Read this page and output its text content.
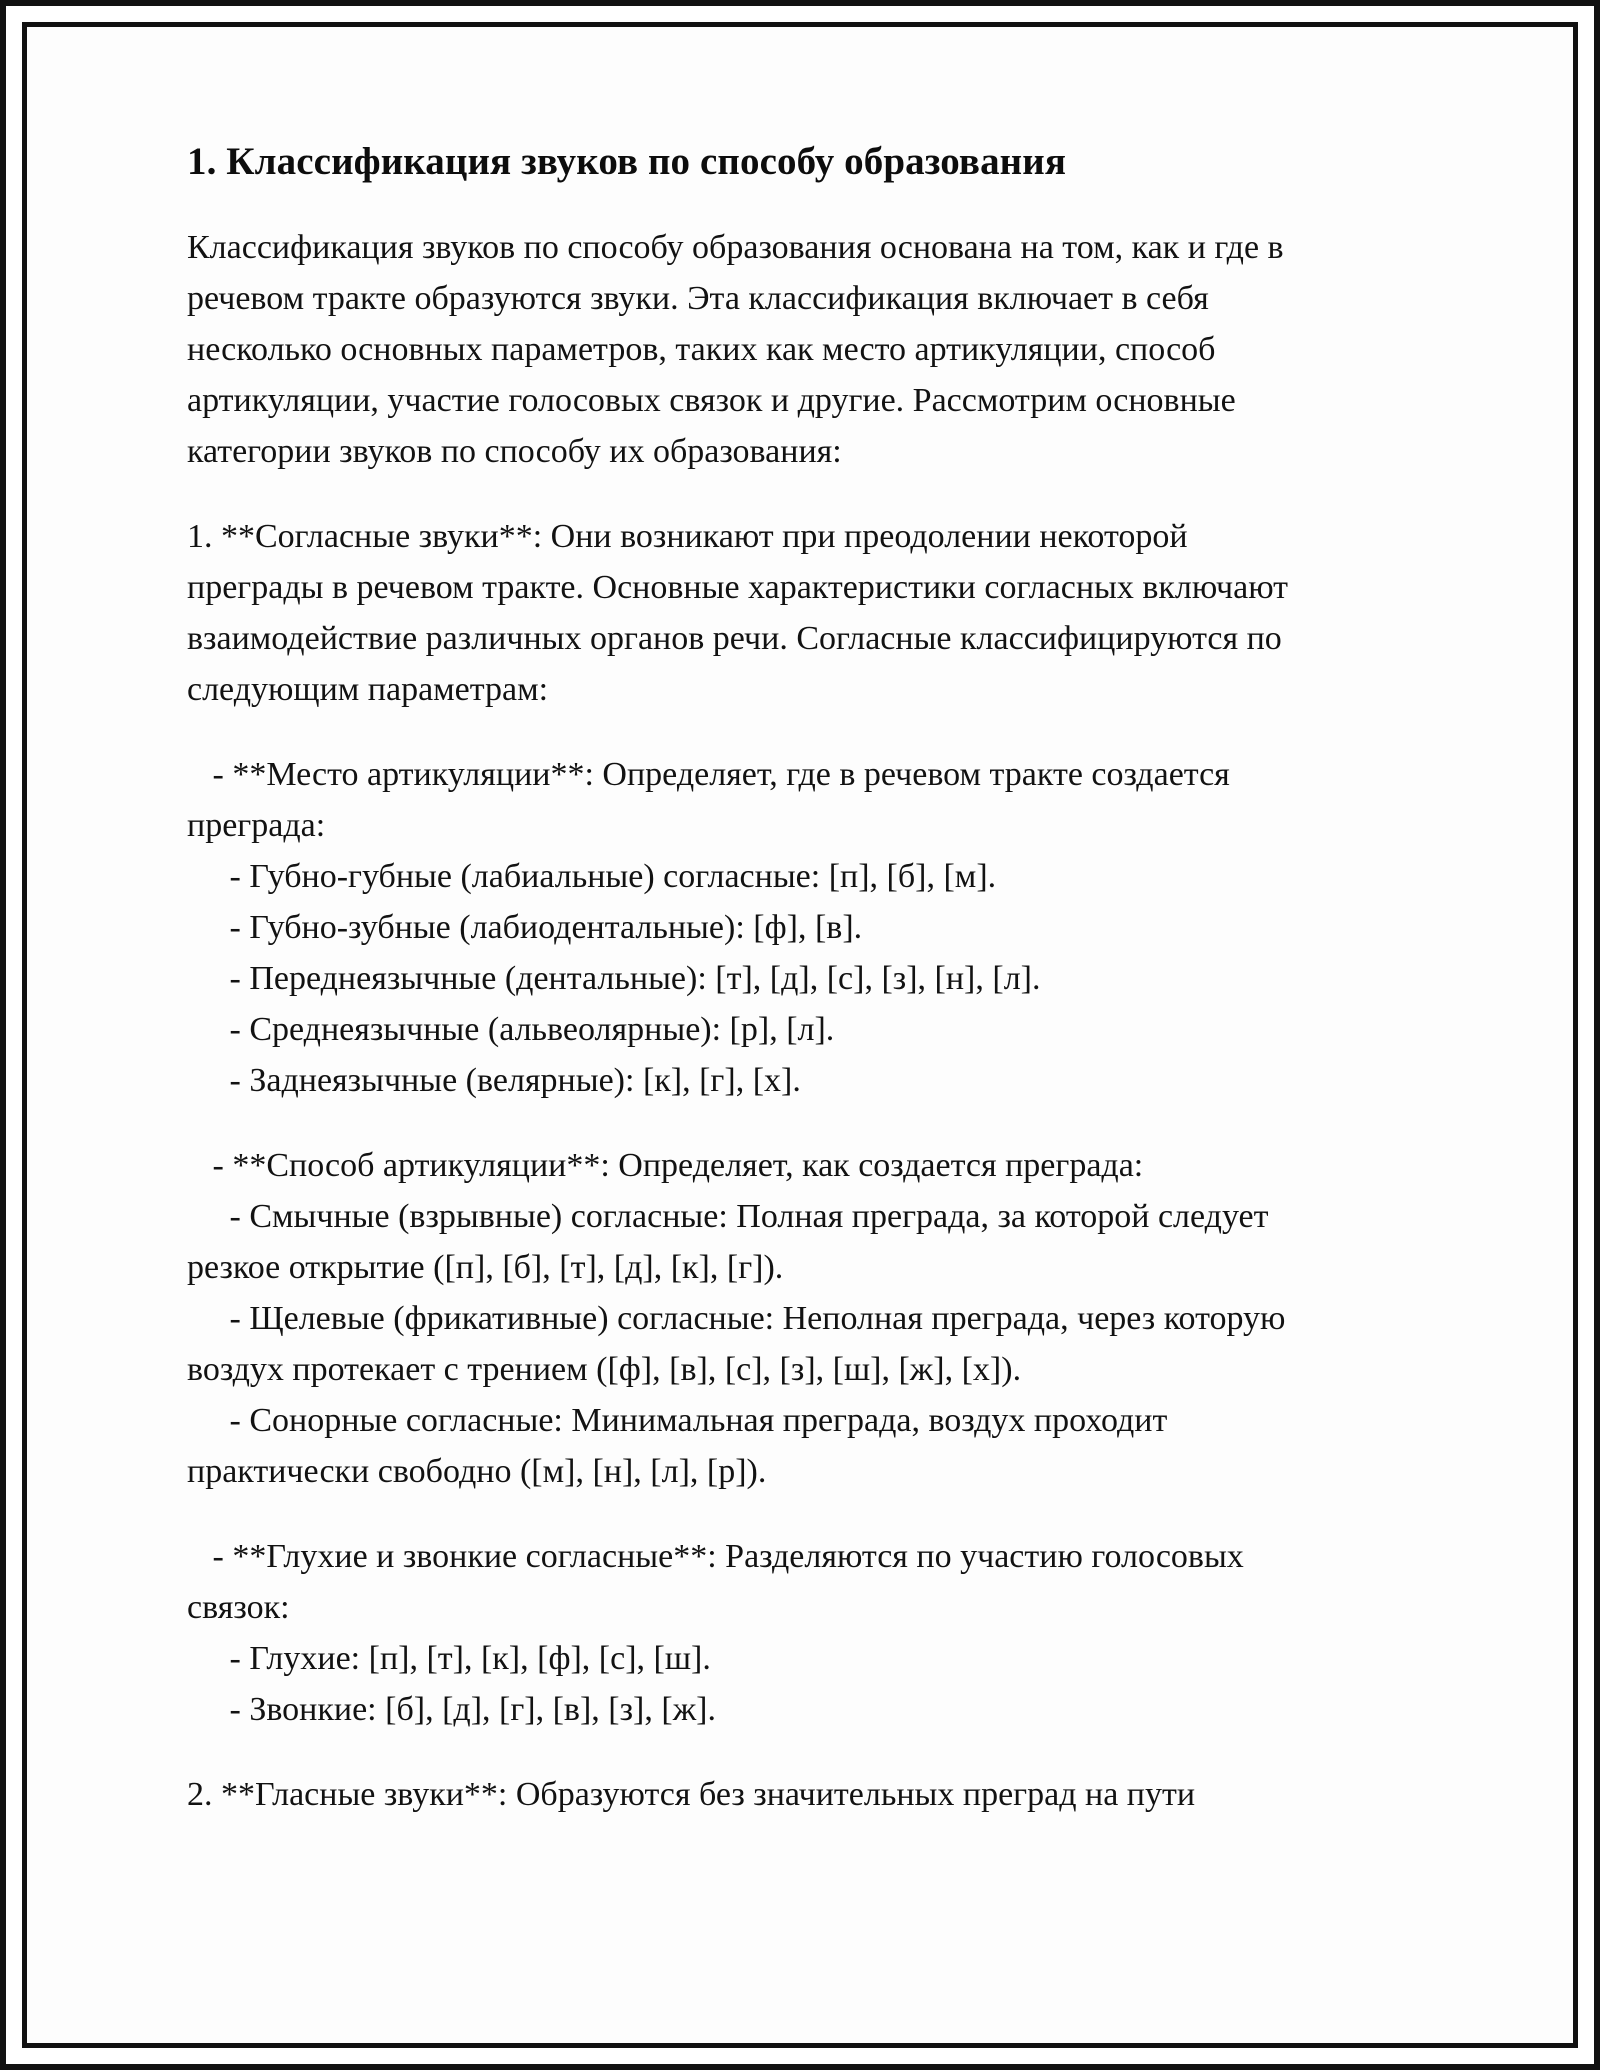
1. Классификация звуков по способу образования

Классификация звуков по способу образования основана на том, как и где в речевом тракте образуются звуки. Эта классификация включает в себя несколько основных параметров, таких как место артикуляции, способ артикуляции, участие голосовых связок и другие. Рассмотрим основные категории звуков по способу их образования:

1. **Согласные звуки**: Они возникают при преодолении некоторой преграды в речевом тракте. Основные характеристики согласных включают взаимодействие различных органов речи. Согласные классифицируются по следующим параметрам:

- **Место артикуляции**: Определяет, где в речевом тракте создается преграда:

- Губно-губные (лабиальные) согласные: [п], [б], [м].

- Губно-зубные (лабиодентальные): [ф], [в].

- Переднеязычные (дентальные): [т], [д], [с], [з], [н], [л].

- Среднеязычные (альвеолярные): [р], [л].

- Заднеязычные (велярные): [к], [г], [х].

- **Способ артикуляции**: Определяет, как создается преграда:

- Смычные (взрывные) согласные: Полная преграда, за которой следует резкое открытие ([п], [б], [т], [д], [к], [г]).

- Щелевые (фрикативные) согласные: Неполная преграда, через которую воздух протекает с трением ([ф], [в], [с], [з], [ш], [ж], [х]).

- Сонорные согласные: Минимальная преграда, воздух проходит практически свободно ([м], [н], [л], [р]).

- **Глухие и звонкие согласные**: Разделяются по участию голосовых связок:

- Глухие: [п], [т], [к], [ф], [с], [ш].

- Звонкие: [б], [д], [г], [в], [з], [ж].

2. **Гласные звуки**: Образуются без значительных преград на пути
